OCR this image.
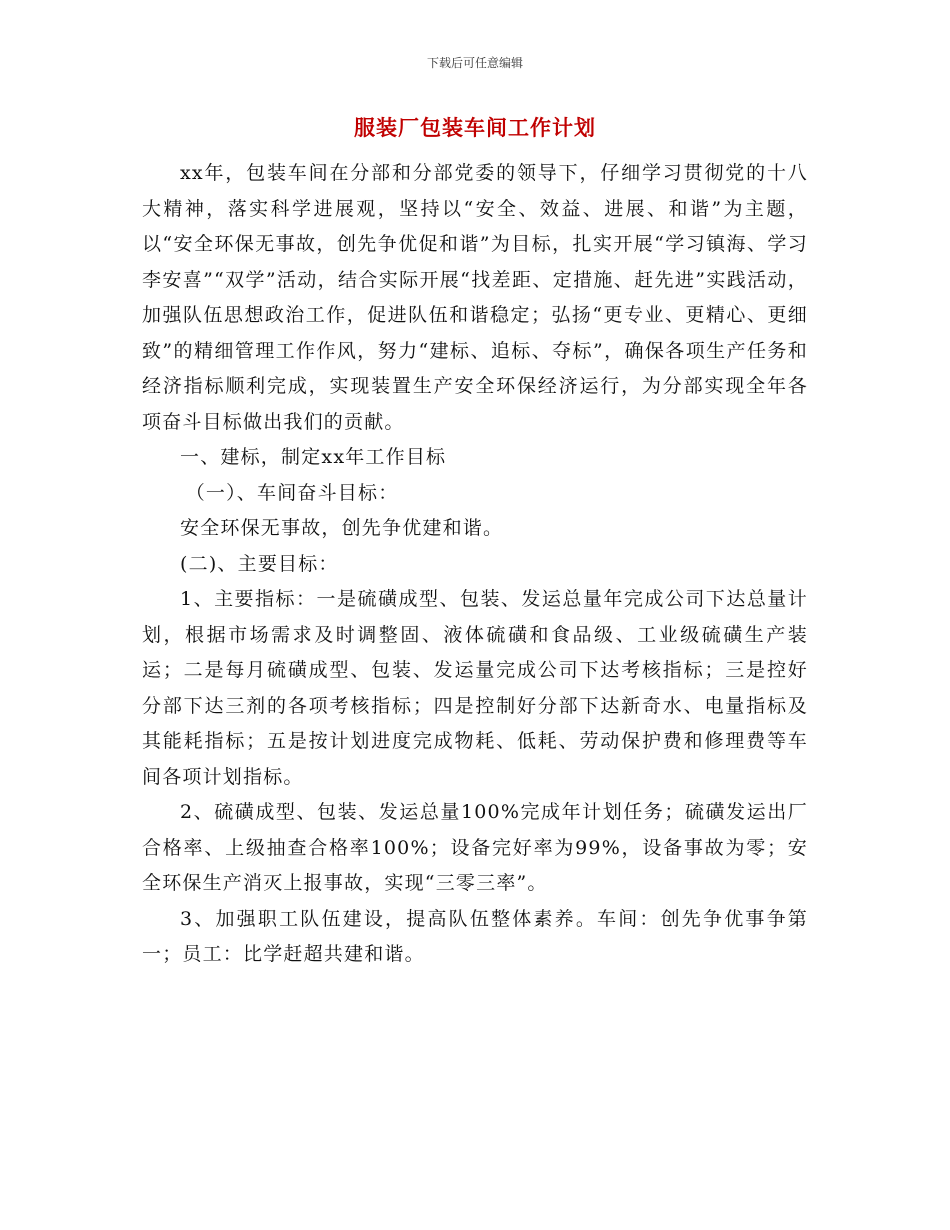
下载后可任意编辑
服装厂包装车间工作计划

xx年，包装车间在分部和分部党委的领导下，仔细学习贯彻党的十八大精神，落实科学进展观，坚持以“安全、效益、进展、和谐”为主题，以“安全环保无事故，创先争优促和谐”为目标，扎实开展“学习镇海、学习李安喜”“双学”活动，结合实际开展“找差距、定措施、赶先进”实践活动，加强队伍思想政治工作，促进队伍和谐稳定；弘扬“更专业、更精心、更细致”的精细管理工作作风，努力“建标、追标、夺标”，确保各项生产任务和经济指标顺利完成，实现装置生产安全环保经济运行，为分部实现全年各项奋斗目标做出我们的贡献。

一、建标，制定xx年工作目标

（一）、车间奋斗目标：

安全环保无事故，创先争优建和谐。

(二)、主要目标：

1、主要指标：一是硫磺成型、包装、发运总量年完成公司下达总量计划，根据市场需求及时调整固、液体硫磺和食品级、工业级硫磺生产装运；二是每月硫磺成型、包装、发运量完成公司下达考核指标；三是控好分部下达三剂的各项考核指标；四是控制好分部下达新奇水、电量指标及其能耗指标；五是按计划进度完成物耗、低耗、劳动保护费和修理费等车间各项计划指标。

2、硫磺成型、包装、发运总量100%完成年计划任务；硫磺发运出厂合格率、上级抽查合格率100%；设备完好率为99%，设备事故为零；安全环保生产消灭上报事故，实现“三零三率”。

3、加强职工队伍建设，提高队伍整体素养。车间：创先争优事争第一；员工：比学赶超共建和谐。
